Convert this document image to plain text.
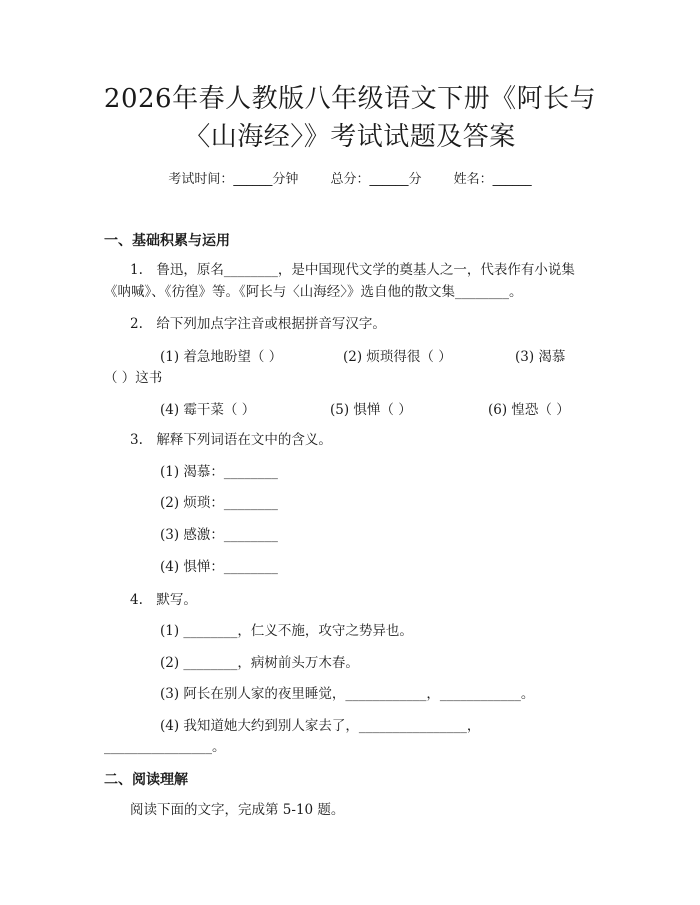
2026年春人教版八年级语文下册《阿长与
〈山海经〉》考试试题及答案
考试时间：______分钟 总分：______分 姓名：______
一、基础积累与运用
1.　鲁迅，原名________，是中国现代文学的奠基人之一，代表作有小说集
《呐喊》、《彷徨》等。《阿长与〈山海经〉》选自他的散文集________。
2.　给下列加点字注音或根据拼音写汉字。
(1) 着急地盼望（ ）	(2) 烦琐得很（ ）	(3) 渴慕
（ ）这书
(4) 霉干菜（ ）	(5) 惧惮（ ）	(6) 惶恐（ ）
3.　解释下列词语在文中的含义。
(1) 渴慕：________
(2) 烦琐：________
(3) 感激：________
(4) 惧惮：________
4.　默写。
(1) ________，仁义不施，攻守之势异也。
(2) ________，病树前头万木春。
(3) 阿长在别人家的夜里睡觉，____________，____________。
(4) 我知道她大约到别人家去了，________________，
________________。
二、阅读理解
阅读下面的文字，完成第 5-10 题。
